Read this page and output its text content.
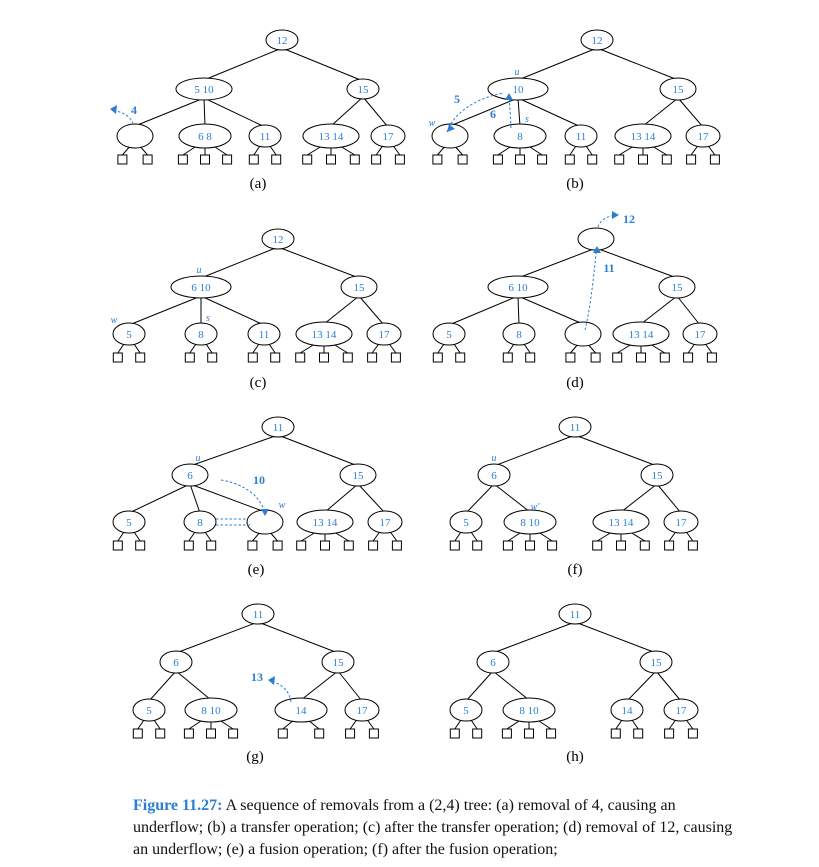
12
5 10	15
6 8	11	13 14	17
4
(a)
12
10	15
8	11	13 14	17
5
6
u
s
w
(b)
12
6 10	15
5	8	11	13 14	17
u
s
w
(c)
6 10	15
5	8	13 14	17
12
11
(d)
11
6	15
5	8	13 14	17
10
u
w
(e)
11
6	15
5	8 10	13 14	17
u
w′
(f)
11
6	15
5	8 10	14	17
13
(g)
11
6	15
5	8 10	14	17
(h)
Figure 11.27: A sequence of removals from a (2,4) tree: (a) removal of 4, causing an underflow; (b) a transfer operation; (c) after the transfer operation; (d) removal of 12, causing an underflow; (e) a fusion operation; (f) after the fusion operation;
